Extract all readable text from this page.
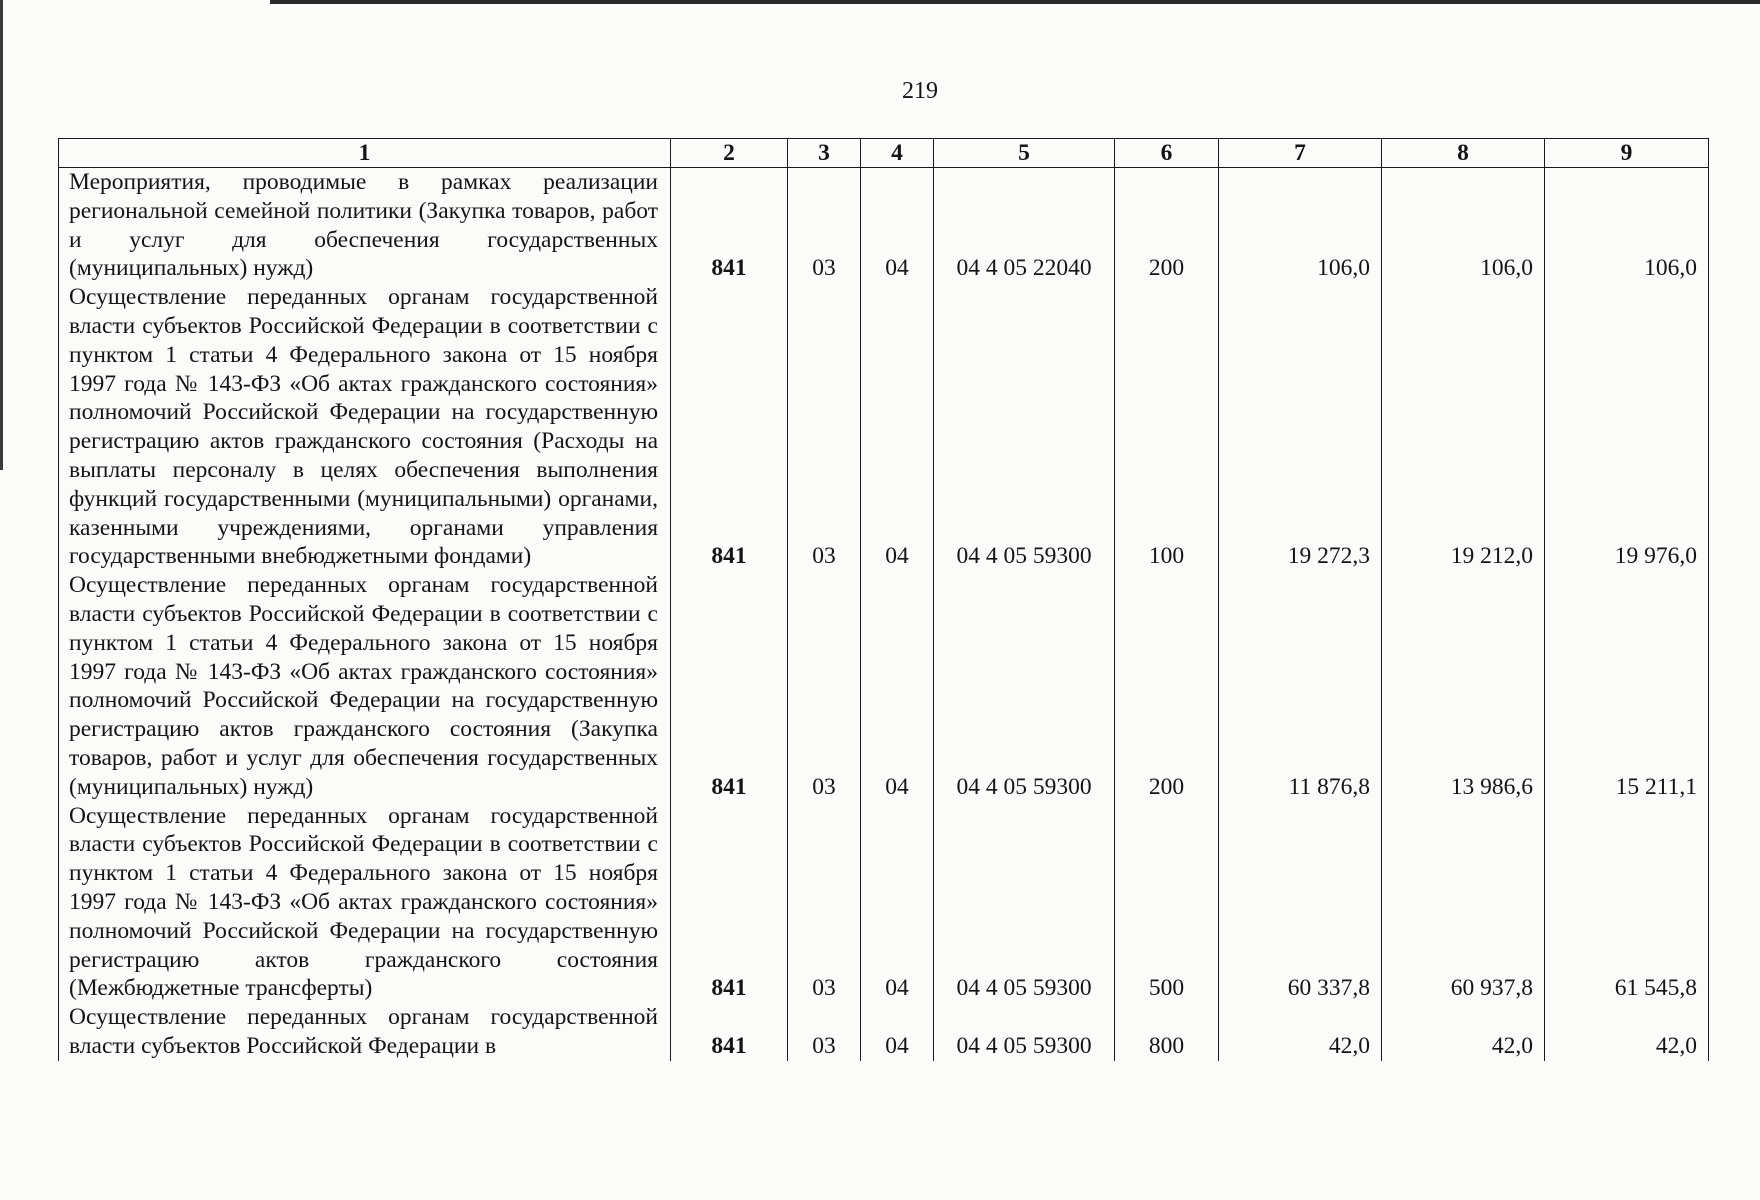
219
1	2	3	4	5	6	7	8	9
Мероприятия, проводимые в рамках реализации региональной семейной политики (Закупка товаров, работ и услуг для обеспечения государственных (муниципальных) нужд)	841	03	04	04 4 05 22040	200	106,0	106,0	106,0
Осуществление переданных органам государственной власти субъектов Российской Федерации в соответствии с пунктом 1 статьи 4 Федерального закона от 15 ноября 1997 года № 143-ФЗ «Об актах гражданского состояния» полномочий Российской Федерации на государственную регистрацию актов гражданского состояния (Расходы на выплаты персоналу в целях обеспечения выполнения функций государственными (муниципальными) органами, казенными учреждениями, органами управления государственными внебюджетными фондами)	841	03	04	04 4 05 59300	100	19 272,3	19 212,0	19 976,0
Осуществление переданных органам государственной власти субъектов Российской Федерации в соответствии с пунктом 1 статьи 4 Федерального закона от 15 ноября 1997 года № 143-ФЗ «Об актах гражданского состояния» полномочий Российской Федерации на государственную регистрацию актов гражданского состояния (Закупка товаров, работ и услуг для обеспечения государственных (муниципальных) нужд)	841	03	04	04 4 05 59300	200	11 876,8	13 986,6	15 211,1
Осуществление переданных органам государственной власти субъектов Российской Федерации в соответствии с пунктом 1 статьи 4 Федерального закона от 15 ноября 1997 года № 143-ФЗ «Об актах гражданского состояния» полномочий Российской Федерации на государственную регистрацию актов гражданского состояния (Межбюджетные трансферты)	841	03	04	04 4 05 59300	500	60 337,8	60 937,8	61 545,8
Осуществление переданных органам государственной власти субъектов Российской Федерации в	841	03	04	04 4 05 59300	800	42,0	42,0	42,0
